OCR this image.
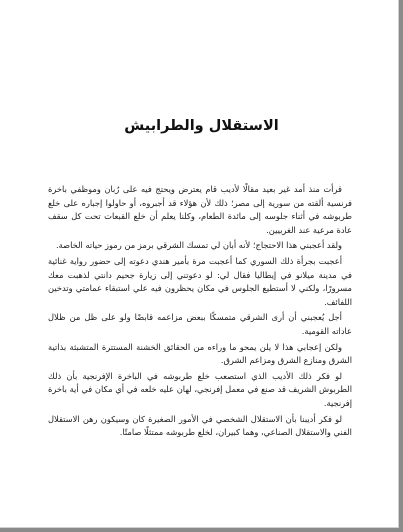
الاستقلال والطرابيش

قرأت منذ أمد غير بعيد مقالًا لأديب قام يعترض ويحتج فيه على رُبان وموظفي باخرة فرنسية ألقته من سورية إلى مصر؛ ذلك لأن هؤلاء قد أجبروه، أو حاولوا إجباره على خلع طربوشه في أثناء جلوسه إلى مائدة الطعام، وكلنا يعلم أن خلع القبعات تحت كل سقف عادة مرعية عند الغربيين.

ولقد أعجبني هذا الاحتجاج؛ لأنه أبان لي تمسك الشرقي برمز من رموز حياته الخاصة.

أعجبت بجرأة ذلك السوري كما أعجبت مرة بأمير هندي دعوته إلى حضور رواية غنائية في مدينة ميلانو في إيطاليا فقال لي: لو دعوتني إلى زيارة جحيم دانتي لذهبت معك مسرورًا، ولكني لا أستطيع الجلوس في مكان يحظرون فيه علي استبقاء عمامتي وتدخين اللفائف.

أجل يُعجبني أن أرى الشرقي متمسكًا ببعض مزاعمه قابضًا ولو على ظل من ظلال عاداته القومية.

ولكن إعجابي هذا لا يلن يمحو ما وراءه من الحقائق الخشنة المستترة المتشبثة بذاتية الشرق ومنازع الشرق ومزاعم الشرق.

لو فكر ذلك الأديب الذي استصعب خلع طربوشه في الباخرة الإفرنجية بأن ذلك الطربوش الشريف قد صنع في معمل إفرنجي، لهان عليه خلعه في أي مكان في أية باخرة إفرنجية.

لو فكر أديبنا بأن الاستقلال الشخصي في الأمور الصغيرة كان وسيكون رهن الاستقلال الفني والاستقلال الصناعي، وهما كبيران، لخلع طربوشه ممتثلًا صامتًا.
